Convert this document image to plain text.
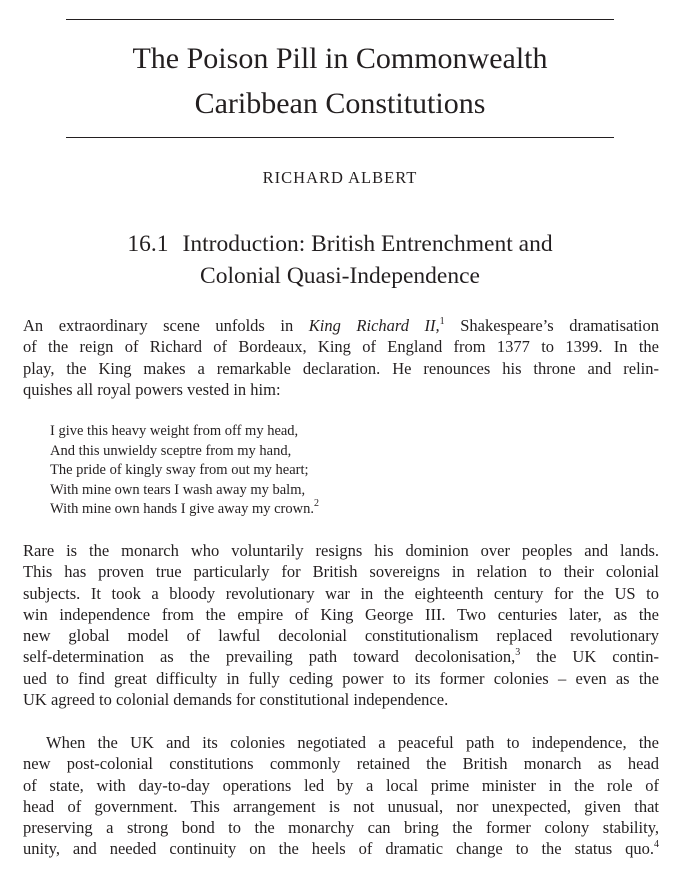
The Poison Pill in Commonwealth
Caribbean Constitutions
RICHARD ALBERT
16.1 Introduction: British Entrenchment and
Colonial Quasi-Independence

An extraordinary scene unfolds in King Richard II,$^1$ Shakespeare’s dramatisation
of the reign of Richard of Bordeaux, King of England from 1377 to 1399. In the
play, the King makes a remarkable declaration. He renounces his throne and relin-
quishes all royal powers vested in him:

I give this heavy weight from off my head,
And this unwieldy sceptre from my hand,
The pride of kingly sway from out my heart;
With mine own tears I wash away my balm,
With mine own hands I give away my crown.$^2$

Rare is the monarch who voluntarily resigns his dominion over peoples and lands.
This has proven true particularly for British sovereigns in relation to their colonial
subjects. It took a bloody revolutionary war in the eighteenth century for the US to
win independence from the empire of King George III. Two centuries later, as the
new global model of lawful decolonial constitutionalism replaced revolutionary
self-determination as the prevailing path toward decolonisation,$^3$ the UK contin-
ued to find great difficulty in fully ceding power to its former colonies – even as the
UK agreed to colonial demands for constitutional independence.

When the UK and its colonies negotiated a peaceful path to independence, the
new post-colonial constitutions commonly retained the British monarch as head
of state, with day-to-day operations led by a local prime minister in the role of
head of government. This arrangement is not unusual, nor unexpected, given that
preserving a strong bond to the monarchy can bring the former colony stability,
unity, and needed continuity on the heels of dramatic change to the status quo.$^4$
